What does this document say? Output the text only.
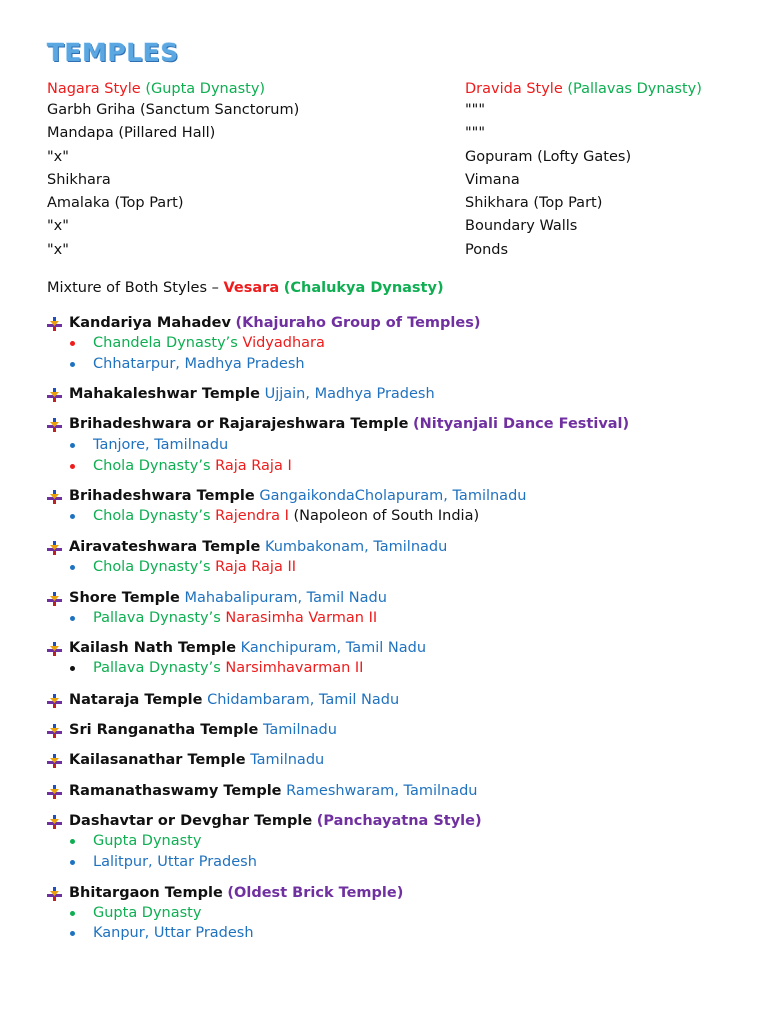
TEMPLES
Nagara Style (Gupta Dynasty)	Dravida Style (Pallavas Dynasty)
Garbh Griha (Sanctum Sanctorum)	"""
Mandapa (Pillared Hall)	"""
"x"	Gopuram (Lofty Gates)
Shikhara	Vimana
Amalaka (Top Part)	Shikhara (Top Part)
"x"	Boundary Walls
"x"	Ponds
Mixture of Both Styles – Vesara (Chalukya Dynasty)
Kandariya Mahadev (Khajuraho Group of Temples)
Chandela Dynasty’s Vidyadhara
Chhatarpur, Madhya Pradesh
Mahakaleshwar Temple Ujjain, Madhya Pradesh
Brihadeshwara or Rajarajeshwara Temple (Nityanjali Dance Festival)
Tanjore, Tamilnadu
Chola Dynasty’s Raja Raja I
Brihadeshwara Temple GangaikondaCholapuram, Tamilnadu
Chola Dynasty’s Rajendra I (Napoleon of South India)
Airavateshwara Temple Kumbakonam, Tamilnadu
Chola Dynasty’s Raja Raja II
Shore Temple Mahabalipuram, Tamil Nadu
Pallava Dynasty’s Narasimha Varman II
Kailash Nath Temple Kanchipuram, Tamil Nadu
Pallava Dynasty’s Narsimhavarman II
Nataraja Temple Chidambaram, Tamil Nadu
Sri Ranganatha Temple Tamilnadu
Kailasanathar Temple Tamilnadu
Ramanathaswamy Temple Rameshwaram, Tamilnadu
Dashavtar or Devghar Temple (Panchayatna Style)
Gupta Dynasty
Lalitpur, Uttar Pradesh
Bhitargaon Temple (Oldest Brick Temple)
Gupta Dynasty
Kanpur, Uttar Pradesh
